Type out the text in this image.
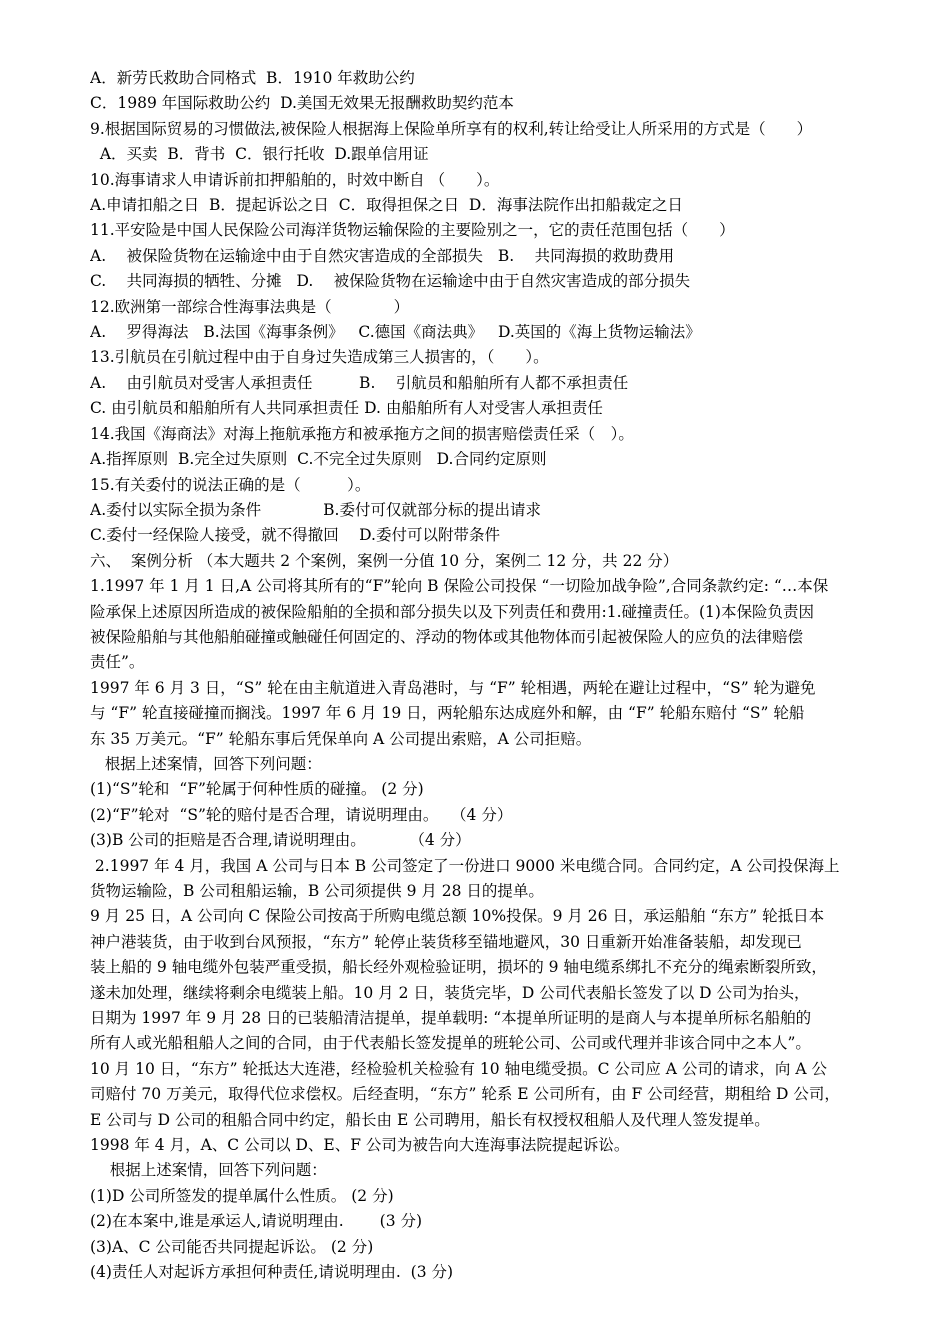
A．新劳氏救助合同格式  B．1910 年救助公约
C．1989 年国际救助公约  D.美国无效果无报酬救助契约范本
9.根据国际贸易的习惯做法,被保险人根据海上保险单所享有的权利,转让给受让人所采用的方式是（　　）
A．买卖  B．背书  C．银行托收  D.跟单信用证
10.海事请求人申请诉前扣押船舶的，时效中断自 （　　）。
A.申请扣船之日  B．提起诉讼之日  C．取得担保之日  D．海事法院作出扣船裁定之日
11.平安险是中国人民保险公司海洋货物运输保险的主要险别之一，它的责任范围包括（　　）
A.　 被保险货物在运输途中由于自然灾害造成的全部损失   B.　 共同海损的救助费用
C.　 共同海损的牺牲、分摊   D.　 被保险货物在运输途中由于自然灾害造成的部分损失
12.欧洲第一部综合性海事法典是（　　　　）
A.　 罗得海法   B.法国《海事条例》   C.德国《商法典》   D.英国的《海上货物运输法》
13.引航员在引航过程中由于自身过失造成第三人损害的，（　　）。
A.　 由引航员对受害人承担责任　　　B.　 引航员和船舶所有人都不承担责任
C. 由引航员和船舶所有人共同承担责任 D. 由船舶所有人对受害人承担责任
14.我国《海商法》对海上拖航承拖方和被承拖方之间的损害赔偿责任采（　）。
A.指挥原则  B.完全过失原则  C.不完全过失原则   D.合同约定原则
15.有关委付的说法正确的是（　　　）。
A.委付以实际全损为条件　　　　B.委付可仅就部分标的提出请求
C.委付一经保险人接受，就不得撤回　 D.委付可以附带条件
六、  案例分析 （本大题共 2 个案例，案例一分值 10 分，案例二 12 分，共 22 分）
1.1997 年 1 月 1 日,A 公司将其所有的“F”轮向 B 保险公司投保 “一切险加战争险”,合同条款约定: “…本保
险承保上述原因所造成的被保险船舶的全损和部分损失以及下列责任和费用:1.碰撞责任。(1)本保险负责因
被保险船舶与其他船舶碰撞或触碰任何固定的、浮动的物体或其他物体而引起被保险人的应负的法律赔偿
责任”。
1997 年 6 月 3 日，“S” 轮在由主航道进入青岛港时，与 “F” 轮相遇，两轮在避让过程中，“S” 轮为避免
与 “F” 轮直接碰撞而搁浅。1997 年 6 月 19 日，两轮船东达成庭外和解，由 “F” 轮船东赔付 “S” 轮船
东 35 万美元。“F” 轮船东事后凭保单向 A 公司提出索赔，A 公司拒赔。
根据上述案情，回答下列问题：
(1)“S”轮和  “F”轮属于何种性质的碰撞。 (2 分)
(2)“F”轮对  “S”轮的赔付是否合理，请说明理由。　 （4 分）
(3)B 公司的拒赔是否合理,请说明理由。　　　 （4 分）
2.1997 年 4 月，我国 A 公司与日本 B 公司签定了一份进口 9000 米电缆合同。合同约定，A 公司投保海上
货物运输险，B 公司租船运输，B 公司须提供 9 月 28 日的提单。
9 月 25 日，A 公司向 C 保险公司按高于所购电缆总额 10%投保。9 月 26 日，承运船舶 “东方” 轮抵日本
神户港装货，由于收到台风预报，“东方” 轮停止装货移至锚地避风，30 日重新开始准备装船，却发现已
装上船的 9 轴电缆外包装严重受损，船长经外观检验证明，损坏的 9 轴电缆系绑扎不充分的绳索断裂所致，
遂未加处理，继续将剩余电缆装上船。10 月 2 日，装货完毕，D 公司代表船长签发了以 D 公司为抬头，
日期为 1997 年 9 月 28 日的已装船清洁提单，提单载明: “本提单所证明的是商人与本提单所标名船舶的
所有人或光船租船人之间的合同，由于代表船长签发提单的班轮公司、公司或代理并非该合同中之本人”。
10 月 10 日，“东方” 轮抵达大连港，经检验机关检验有 10 轴电缆受损。C 公司应 A 公司的请求，向 A 公
司赔付 70 万美元，取得代位求偿权。后经查明，“东方” 轮系 E 公司所有，由 F 公司经营，期租给 D 公司，
E 公司与 D 公司的租船合同中约定，船长由 E 公司聘用，船长有权授权租船人及代理人签发提单。
1998 年 4 月，A、C 公司以 D、E、F 公司为被告向大连海事法院提起诉讼。
根据上述案情，回答下列问题：
(1)D 公司所签发的提单属什么性质。 (2 分)
(2)在本案中,谁是承运人,请说明理由.　　 (3 分)
(3)A、C 公司能否共同提起诉讼。 (2 分)
(4)责任人对起诉方承担何种责任,请说明理由.  (3 分)
